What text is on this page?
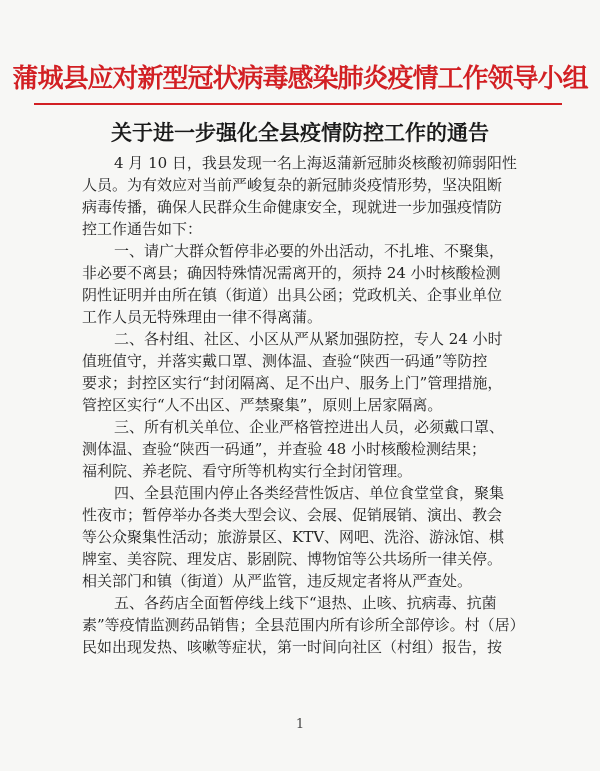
蒲城县应对新型冠状病毒感染肺炎疫情工作领导小组
关于进一步强化全县疫情防控工作的通告
4 月 10 日，我县发现一名上海返蒲新冠肺炎核酸初筛弱阳性
人员。为有效应对当前严峻复杂的新冠肺炎疫情形势，坚决阻断
病毒传播，确保人民群众生命健康安全，现就进一步加强疫情防
控工作通告如下：
一、请广大群众暂停非必要的外出活动，不扎堆、不聚集，
非必要不离县；确因特殊情况需离开的，须持 24 小时核酸检测
阴性证明并由所在镇（街道）出具公函；党政机关、企事业单位
工作人员无特殊理由一律不得离蒲。
二、各村组、社区、小区从严从紧加强防控，专人 24 小时
值班值守，并落实戴口罩、测体温、查验“陕西一码通”等防控
要求；封控区实行“封闭隔离、足不出户、服务上门”管理措施，
管控区实行“人不出区、严禁聚集”，原则上居家隔离。
三、所有机关单位、企业严格管控进出人员，必须戴口罩、
测体温、查验“陕西一码通”，并查验 48 小时核酸检测结果；
福利院、养老院、看守所等机构实行全封闭管理。
四、全县范围内停止各类经营性饭店、单位食堂堂食，聚集
性夜市；暂停举办各类大型会议、会展、促销展销、演出、教会
等公众聚集性活动；旅游景区、KTV、网吧、洗浴、游泳馆、棋
牌室、美容院、理发店、影剧院、博物馆等公共场所一律关停。
相关部门和镇（街道）从严监管，违反规定者将从严查处。
五、各药店全面暂停线上线下“退热、止咳、抗病毒、抗菌
素”等疫情监测药品销售；全县范围内所有诊所全部停诊。村（居）
民如出现发热、咳嗽等症状，第一时间向社区（村组）报告，按
1
